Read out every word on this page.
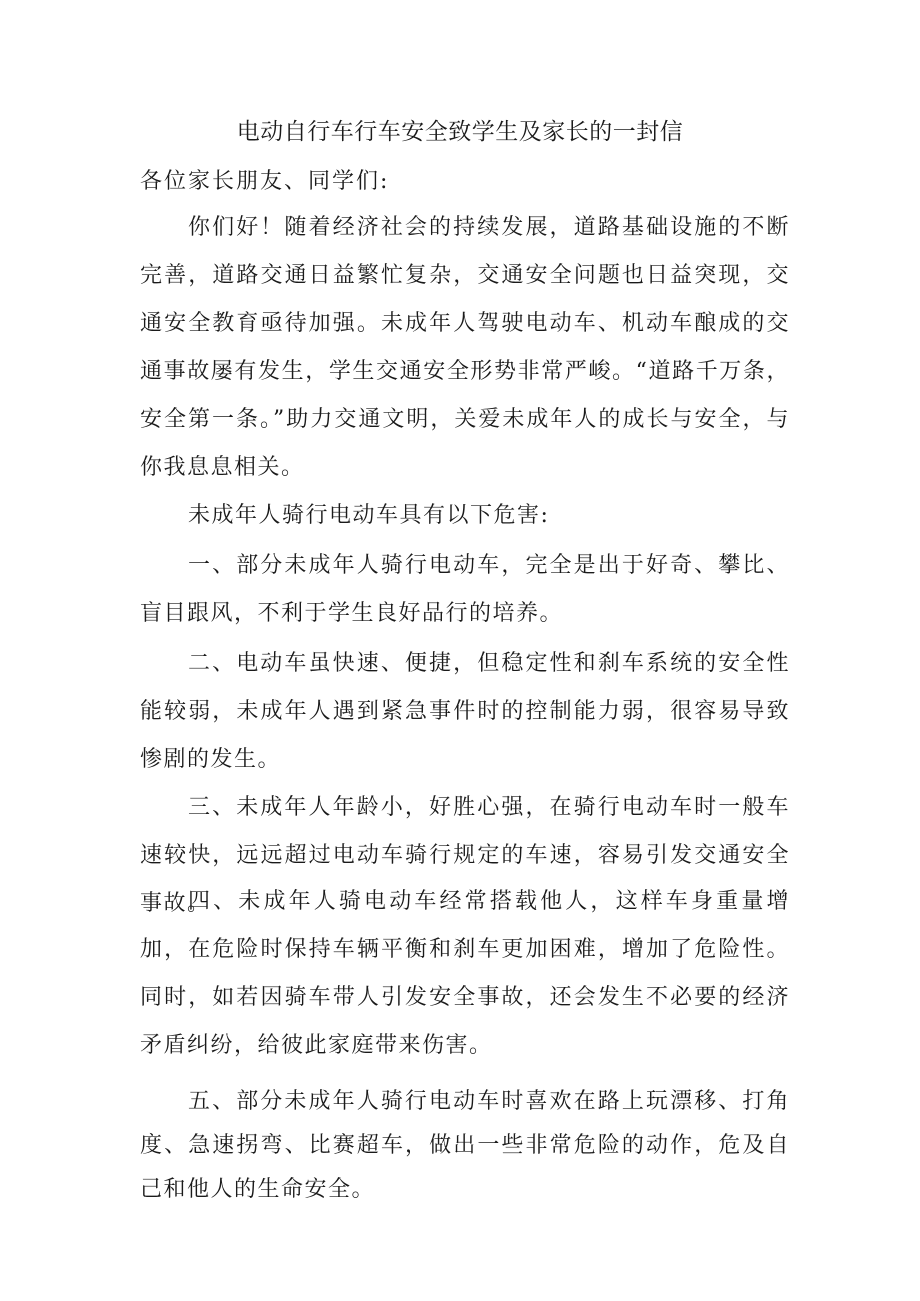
电动自行车行车安全致学生及家长的一封信
各位家长朋友、同学们:

你们好！随着经济社会的持续发展，道路基础设施的不断完善，道路交通日益繁忙复杂，交通安全问题也日益突现，交通安全教育亟待加强。未成年人驾驶电动车、机动车酿成的交通事故屡有发生，学生交通安全形势非常严峻。“道路千万条，安全第一条。”助力交通文明，关爱未成年人的成长与安全，与你我息息相关。

未成年人骑行电动车具有以下危害:

一、部分未成年人骑行电动车，完全是出于好奇、攀比、盲目跟风，不利于学生良好品行的培养。

二、电动车虽快速、便捷，但稳定性和刹车系统的安全性能较弱，未成年人遇到紧急事件时的控制能力弱，很容易导致惨剧的发生。

三、未成年人年龄小，好胜心强，在骑行电动车时一般车速较快，远远超过电动车骑行规定的车速，容易引发交通安全事故。

四、未成年人骑电动车经常搭载他人，这样车身重量增加，在危险时保持车辆平衡和刹车更加困难，增加了危险性。同时，如若因骑车带人引发安全事故，还会发生不必要的经济矛盾纠纷，给彼此家庭带来伤害。

五、部分未成年人骑行电动车时喜欢在路上玩漂移、打角度、急速拐弯、比赛超车，做出一些非常危险的动作，危及自己和他人的生命安全。
